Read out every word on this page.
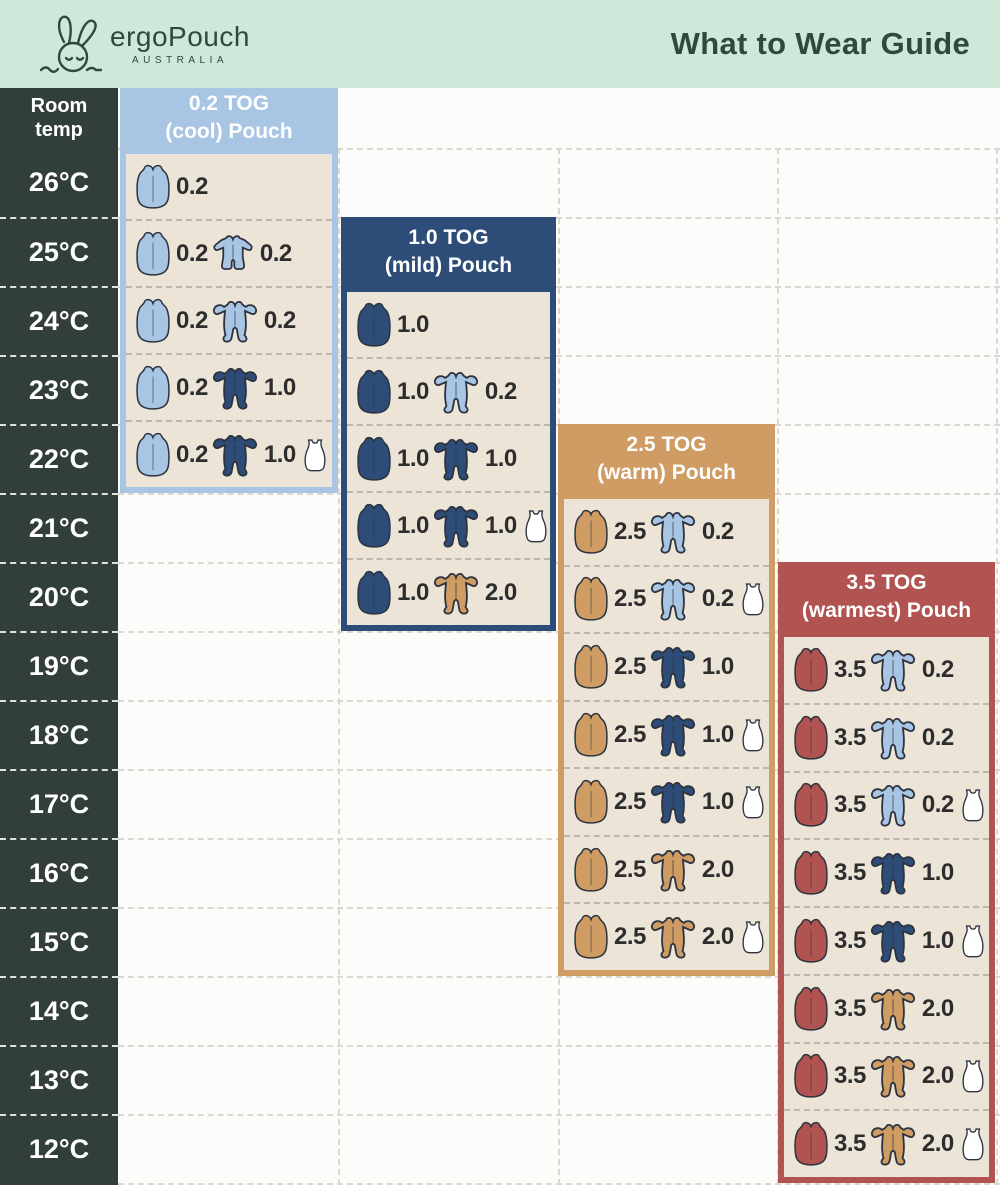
ergoPouch
AUSTRALIA	What to Wear Guide
Room temp
26°C
25°C
24°C
23°C
22°C
21°C
20°C
19°C
18°C
17°C
16°C
15°C
14°C
13°C
12°C
0.2 TOG
(cool) Pouch
0.2
0.2 0.2
0.2 0.2
0.2 1.0
0.2 1.0
1.0 TOG
(mild) Pouch
1.0
1.0 0.2
1.0 1.0
1.0 1.0
1.0 2.0
2.5 TOG
(warm) Pouch
2.5 0.2
2.5 0.2
2.5 1.0
2.5 1.0
2.5 1.0
2.5 2.0
2.5 2.0
3.5 TOG
(warmest) Pouch
3.5 0.2
3.5 0.2
3.5 0.2
3.5 1.0
3.5 1.0
3.5 2.0
3.5 2.0
3.5 2.0
